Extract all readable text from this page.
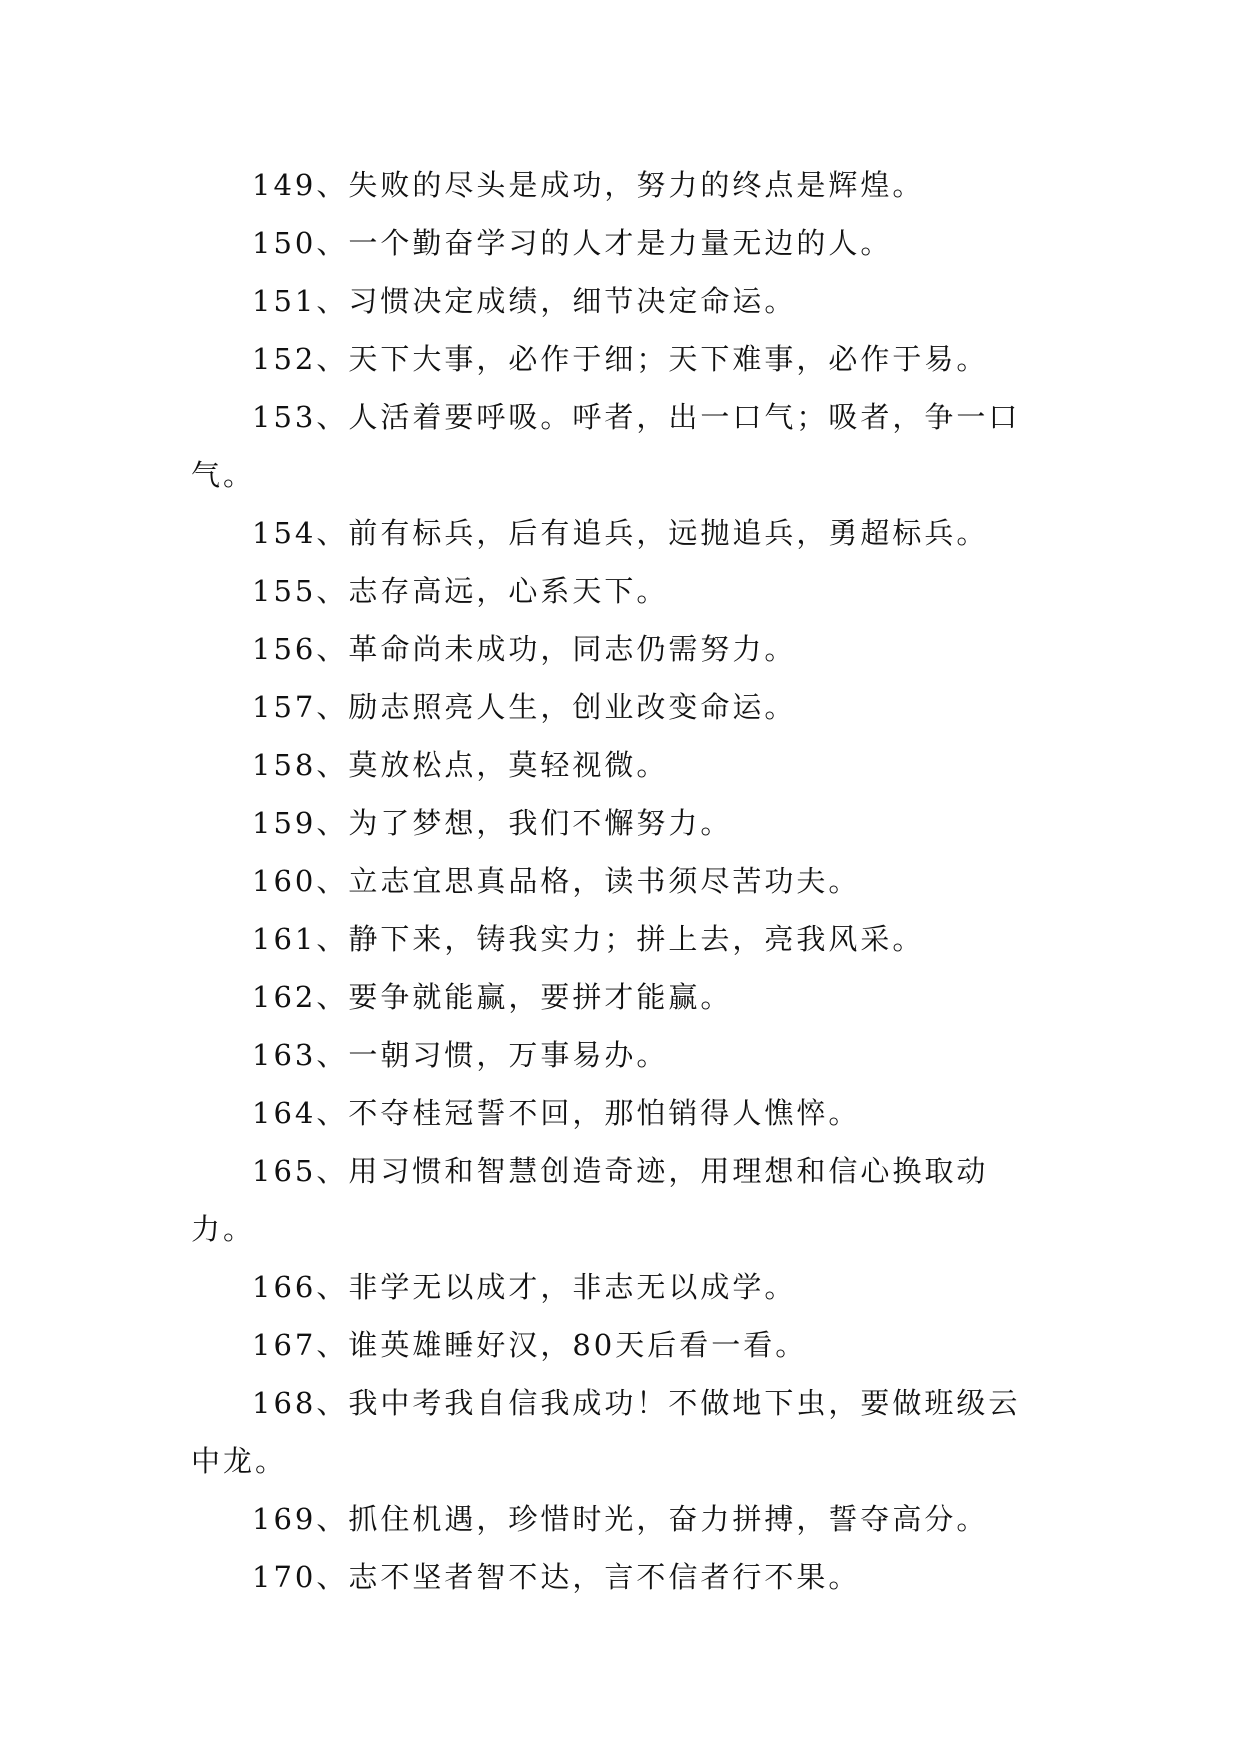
149、失败的尽头是成功，努力的终点是辉煌。

150、一个勤奋学习的人才是力量无边的人。

151、习惯决定成绩，细节决定命运。

152、天下大事，必作于细；天下难事，必作于易。

153、人活着要呼吸。呼者，出一口气；吸者，争一口气。

154、前有标兵，后有追兵，远抛追兵，勇超标兵。

155、志存高远，心系天下。

156、革命尚未成功，同志仍需努力。

157、励志照亮人生，创业改变命运。

158、莫放松点，莫轻视微。

159、为了梦想，我们不懈努力。

160、立志宜思真品格，读书须尽苦功夫。

161、静下来，铸我实力；拼上去，亮我风采。

162、要争就能赢，要拼才能赢。

163、一朝习惯，万事易办。

164、不夺桂冠誓不回，那怕销得人憔悴。

165、用习惯和智慧创造奇迹，用理想和信心换取动力。

166、非学无以成才，非志无以成学。

167、谁英雄睡好汉，80天后看一看。

168、我中考我自信我成功！不做地下虫，要做班级云中龙。

169、抓住机遇，珍惜时光，奋力拼搏，誓夺高分。

170、志不坚者智不达，言不信者行不果。
